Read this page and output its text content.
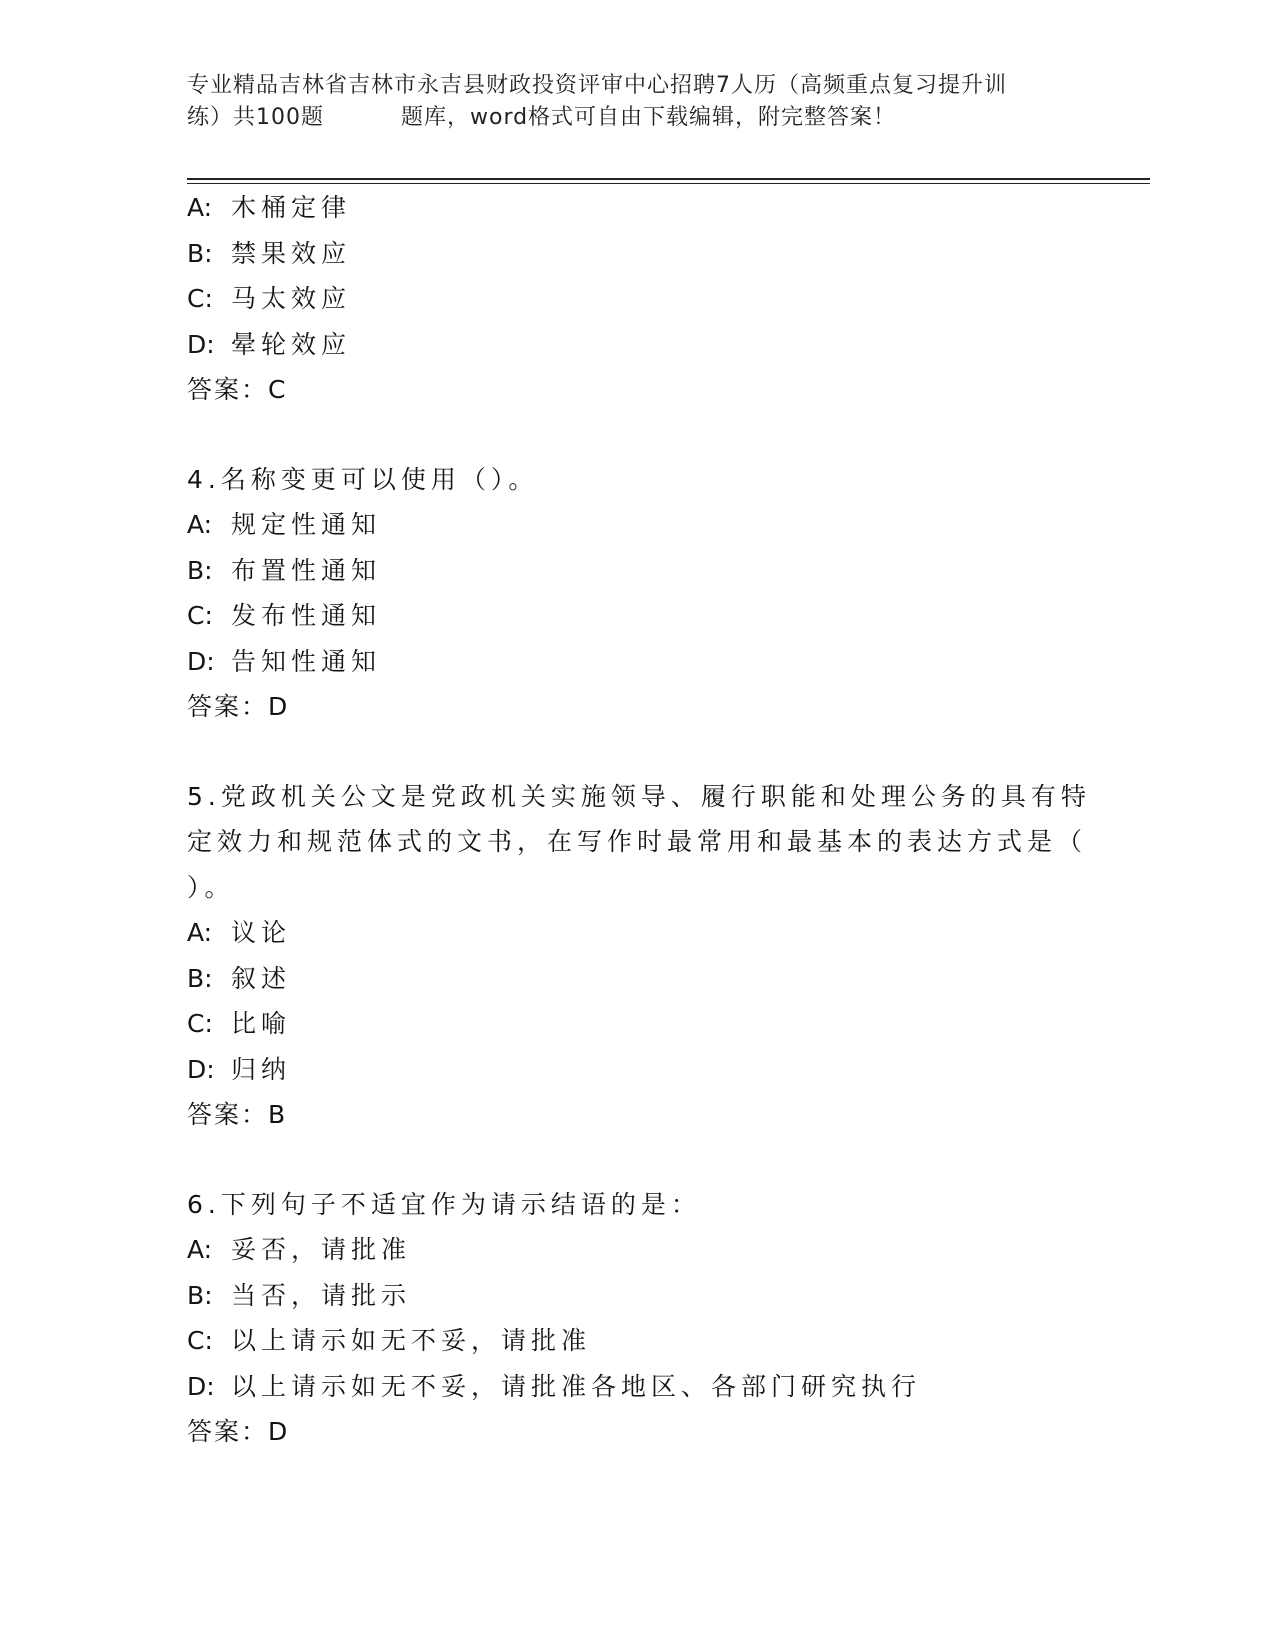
专业精品吉林省吉林市永吉县财政投资评审中心招聘7人历（高频重点复习提升训
练）共100题 　　　题库，word格式可自由下载编辑，附完整答案！
A: 木桶定律
B: 禁果效应
C: 马太效应
D: 晕轮效应
答案：C
4.名称变更可以使用（）。
A: 规定性通知
B: 布置性通知
C: 发布性通知
D: 告知性通知
答案：D
5.党政机关公文是党政机关实施领导、履行职能和处理公务的具有特
定效力和规范体式的文书，在写作时最常用和最基本的表达方式是（
）。
A: 议论
B: 叙述
C: 比喻
D: 归纳
答案：B
6.下列句子不适宜作为请示结语的是：
A: 妥否，请批准
B: 当否，请批示
C: 以上请示如无不妥，请批准
D: 以上请示如无不妥，请批准各地区、各部门研究执行
答案：D
